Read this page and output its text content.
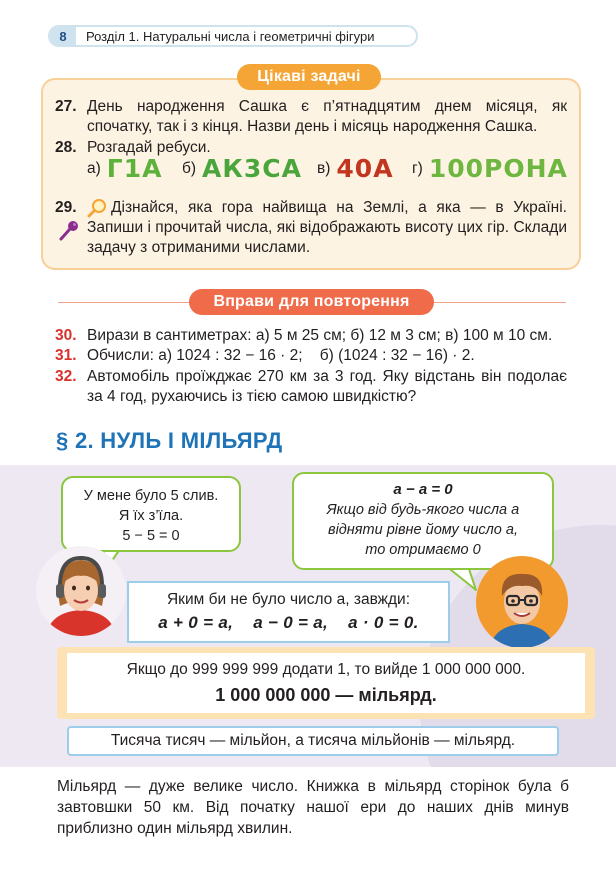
8	Розділ 1. Натуральні числа і геометричні фігури
Цікаві задачі
27. День народження Сашка є п’ятнадцятим днем місяця, як спочатку, так і з кінця. Назви день і місяць народження Сашка.
28. Розгадай ребуси.
а) Г1А б) АК3СА в) 40А г) 100РОНА
29.	Дізнайся, яка гора найвища на Землі, а яка — в Україні. Запиши і прочитай числа, які відображають висоту цих гір. Склади задачу з отриманими числами.
Вправи для повторення
30. Вирази в сантиметрах: а) 5 м 25 см; б) 12 м 3 см; в) 100 м 10 см.
31. Обчисли: а) 1024 : 32 − 16 · 2;    б) (1024 : 32 − 16) · 2.
32. Автомобіль проїжджає 270 км за 3 год. Яку відстань він подолає за 4 год, рухаючись із тією самою швидкістю?
§ 2. НУЛЬ І МІЛЬЯРД
У мене було 5 слив.
Я їх з’їла.
5 − 5 = 0
a − a = 0
Якщо від будь-якого числа a
відняти рівне йому число a,
то отримаємо 0
Яким би не було число a, завжди:
a + 0 = a,    a − 0 = a,    a · 0 = 0.
Якщо до 999 999 999 додати 1, то вийде 1 000 000 000.
1 000 000 000 — мільярд.
Тисяча тисяч — мільйон, а тисяча мільйонів — мільярд.
Мільярд — дуже велике число. Книжка в мільярд сторінок була б завтовшки 50 км. Від початку нашої ери до наших днів минув приблизно один мільярд хвилин.
